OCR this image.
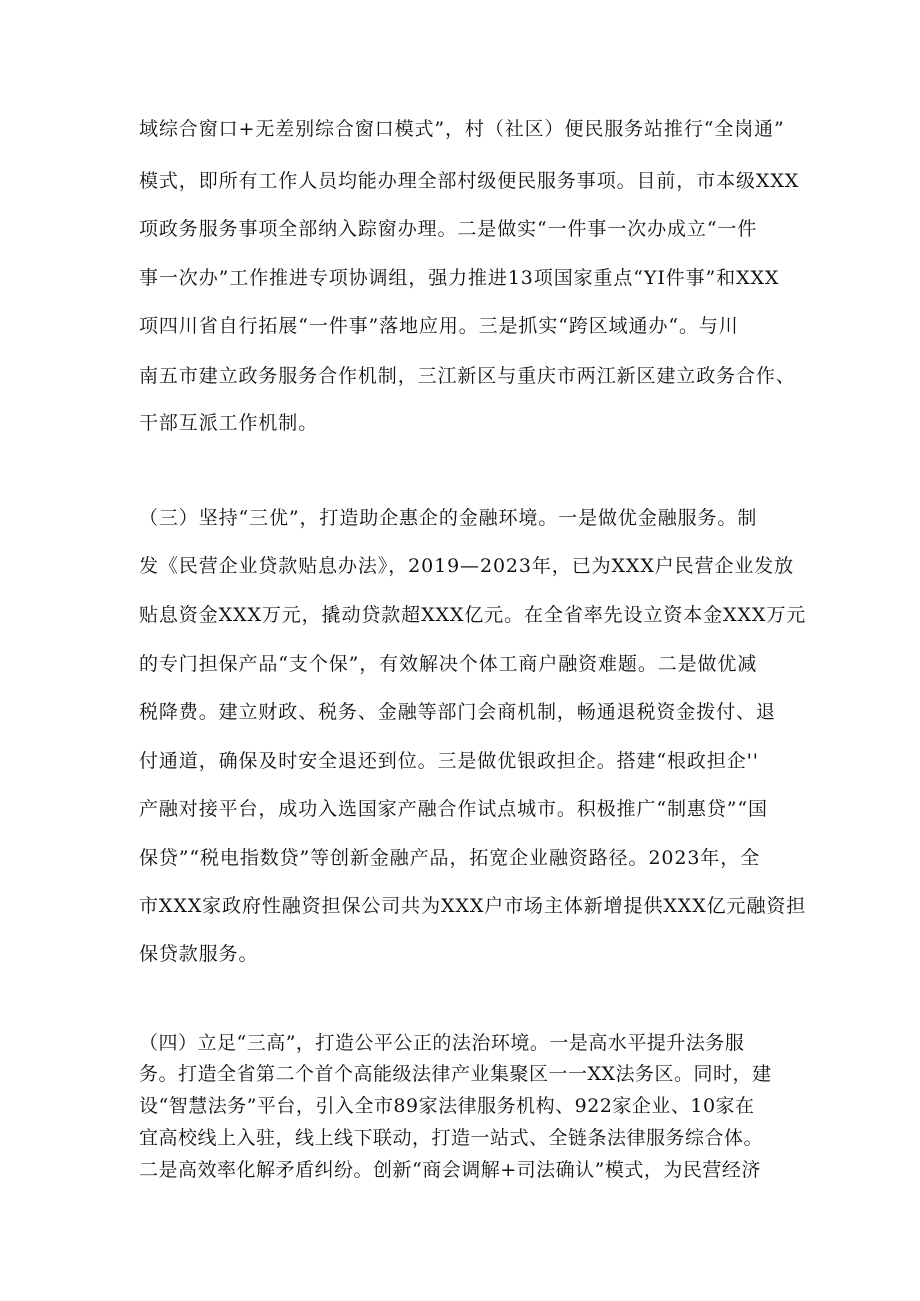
域综合窗口+无差别综合窗口模式”，村（社区）便民服务站推行“全岗通”
模式，即所有工作人员均能办理全部村级便民服务事项。目前，市本级XXX
项政务服务事项全部纳入踪窗办理。二是做实“一件事一次办成立“一件
事一次办”工作推进专项协调组，强力推进13项国家重点“YI件事”和XXX
项四川省自行拓展“一件事”落地应用。三是抓实“跨区域通办“。与川
南五市建立政务服务合作机制，三江新区与重庆市两江新区建立政务合作、
干部互派工作机制。
（三）坚持“三优”，打造助企惠企的金融环境。一是做优金融服务。制
发《民营企业贷款贴息办法》，2019—2023年，已为XXX户民营企业发放
贴息资金XXX万元，撬动贷款超XXX亿元。在全省率先设立资本金XXX万元
的专门担保产品“支个保”，有效解决个体工商户融资难题。二是做优减
税降费。建立财政、税务、金融等部门会商机制，畅通退税资金拨付、退
付通道，确保及时安全退还到位。三是做优银政担企。搭建“根政担企''
产融对接平台，成功入选国家产融合作试点城市。积极推广“制惠贷”“国
保贷”“税电指数贷”等创新金融产品，拓宽企业融资路径。2023年，全
市XXX家政府性融资担保公司共为XXX户市场主体新增提供XXX亿元融资担
保贷款服务。
（四）立足“三高”，打造公平公正的法治环境。一是高水平提升法务服
务。打造全省第二个首个高能级法律产业集聚区一一XX法务区。同时，建
设“智慧法务”平台，引入全市89家法律服务机构、922家企业、10家在
宜高校线上入驻，线上线下联动，打造一站式、全链条法律服务综合体。
二是高效率化解矛盾纠纷。创新“商会调解+司法确认”模式，为民营经济
